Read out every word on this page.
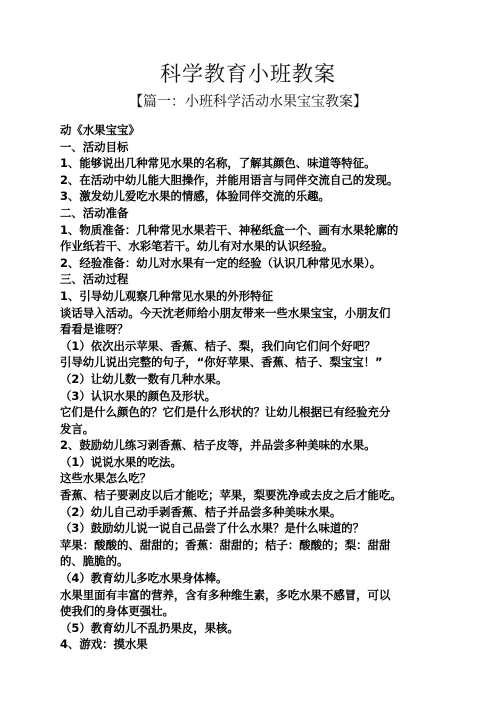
科学教育小班教案
【篇一：小班科学活动水果宝宝教案】

动《水果宝宝》

一、活动目标

1、能够说出几种常见水果的名称，了解其颜色、味道等特征。

2、在活动中幼儿能大胆操作，并能用语言与同伴交流自己的发现。

3、激发幼儿爱吃水果的情感，体验同伴交流的乐趣。

二、活动准备

1、物质准备：几种常见水果若干、神秘纸盒一个、画有水果轮廓的

作业纸若干、水彩笔若干。幼儿有对水果的认识经验。

2、经验准备：幼儿对水果有一定的经验（认识几种常见水果）。

三、活动过程

1、引导幼儿观察几种常见水果的外形特征

谈话导入活动。今天沈老师给小朋友带来一些水果宝宝，小朋友们

看看是谁呀？

（1）依次出示苹果、香蕉、桔子、梨，我们向它们问个好吧？

引导幼儿说出完整的句子，“你好苹果、香蕉、桔子、梨宝宝！”

（2）让幼儿数一数有几种水果。

（3）认识水果的颜色及形状。

它们是什么颜色的？它们是什么形状的？让幼儿根据已有经验充分

发言。

2、鼓励幼儿练习剥香蕉、桔子皮等，并品尝多种美味的水果。

（1）说说水果的吃法。

这些水果怎么吃？

香蕉、桔子要剥皮以后才能吃；苹果，梨要洗净或去皮之后才能吃。

（2）幼儿自己动手剥香蕉、桔子并品尝多种美味水果。

（3）鼓励幼儿说一说自己品尝了什么水果？是什么味道的？

苹果：酸酸的、甜甜的；香蕉：甜甜的；桔子：酸酸的；梨：甜甜

的、脆脆的。

（4）教育幼儿多吃水果身体棒。

水果里面有丰富的营养，含有多种维生素，多吃水果不感冒，可以

使我们的身体更强壮。

（5）教育幼儿不乱扔果皮，果核。

4、游戏：摸水果
